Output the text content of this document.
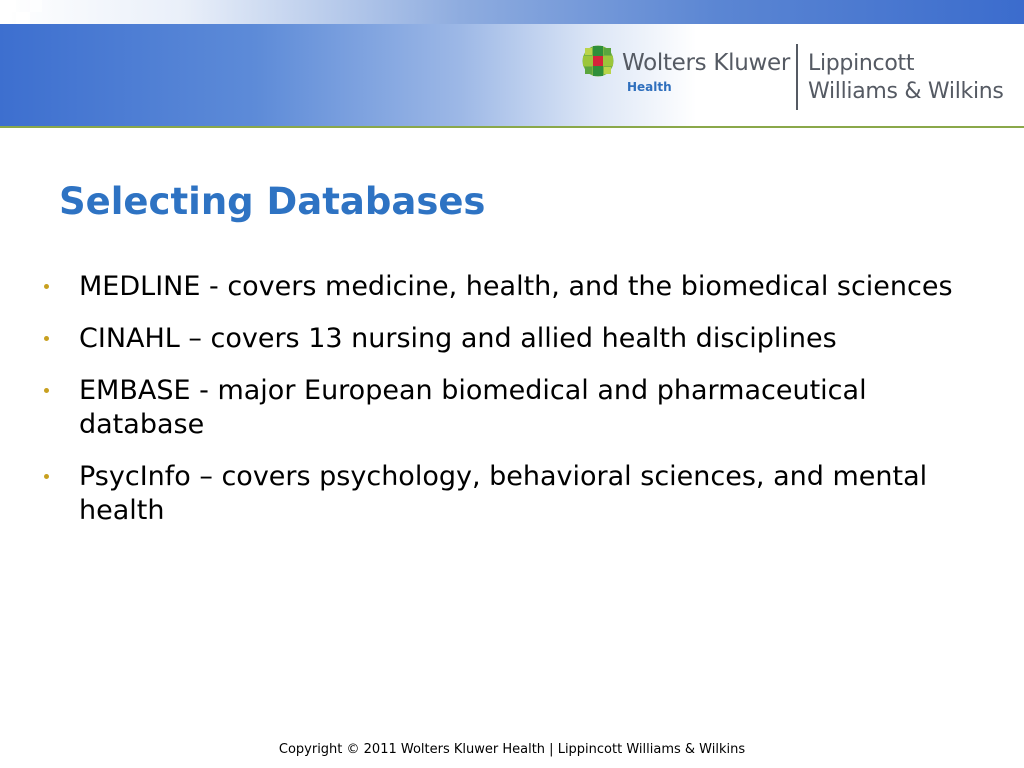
Wolters Kluwer
Health
Lippincott
Williams & Wilkins
Selecting Databases
MEDLINE - covers medicine, health, and the biomedical sciences
CINAHL – covers 13 nursing and allied health disciplines
EMBASE - major European biomedical and pharmaceutical database
PsycInfo – covers psychology, behavioral sciences, and mental health
Copyright © 2011 Wolters Kluwer Health | Lippincott Williams & Wilkins
